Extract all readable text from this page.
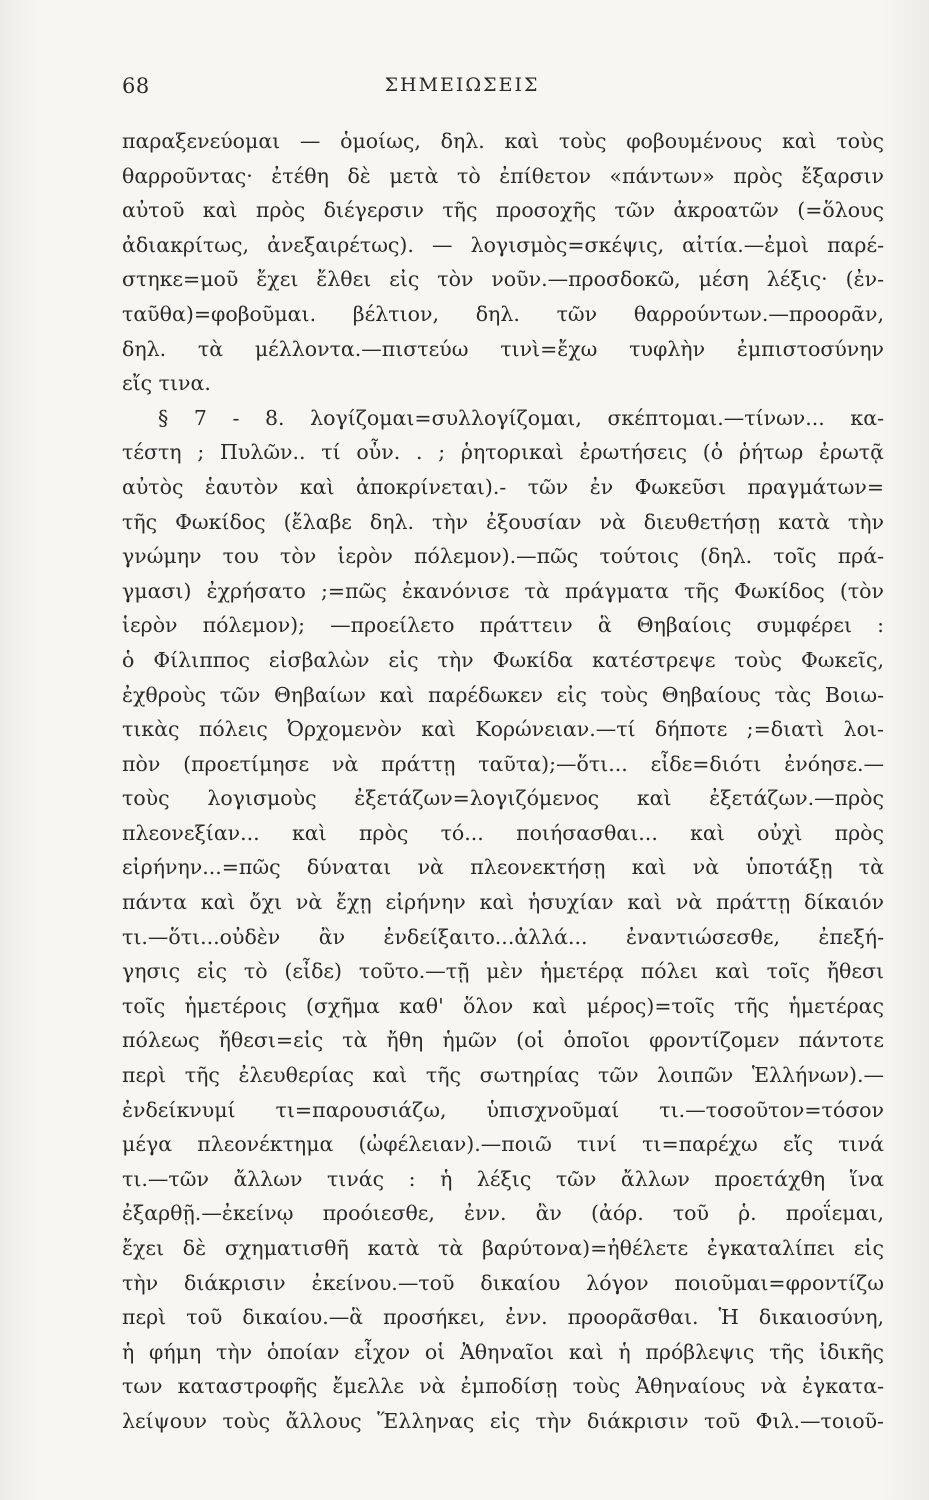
68	ΣΗΜΕΙΩΣΕΙΣ
παραξενεύομαι — ὁμοίως, δηλ. καὶ τοὺς φοβουμένους καὶ τοὺς
θαρροῦντας· ἐτέθη δὲ μετὰ τὸ ἐπίθετον «πάντων» πρὸς ἔξαρσιν
αὐτοῦ καὶ πρὸς διέγερσιν τῆς προσοχῆς τῶν ἀκροατῶν (=ὅλους
ἀδιακρίτως, ἀνεξαιρέτως). — λογισμὸς=σκέψις, αἰτία.—ἐμοὶ παρέ-
στηκε=μοῦ ἔχει ἔλθει εἰς τὸν νοῦν.—προσδοκῶ, μέση λέξις· (ἐν-
ταῦθα)=φοβοῦμαι. βέλτιον, δηλ. τῶν θαρρούντων.—προορᾶν,
δηλ. τὰ μέλλοντα.—πιστεύω τινὶ=ἔχω τυφλὴν ἐμπιστοσύνην
εἴς τινα.
§ 7 - 8. λογίζομαι=συλλογίζομαι, σκέπτομαι.—τίνων... κα-
τέστη ; Πυλῶν.. τί οὖν. . ; ῥητορικαὶ ἐρωτήσεις (ὁ ῥήτωρ ἐρωτᾷ
αὐτὸς ἑαυτὸν καὶ ἀποκρίνεται).- τῶν ἐν Φωκεῦσι πραγμάτων=
τῆς Φωκίδος (ἔλαβε δηλ. τὴν ἐξουσίαν νὰ διευθετήσῃ κατὰ τὴν
γνώμην του τὸν ἱερὸν πόλεμον).—πῶς τούτοις (δηλ. τοῖς πρά-
γμασι) ἐχρήσατο ;=πῶς ἐκανόνισε τὰ πράγματα τῆς Φωκίδος (τὸν
ἱερὸν πόλεμον); —προείλετο πράττειν ἃ Θηβαίοις συμφέρει :
ὁ Φίλιππος εἰσβαλὼν εἰς τὴν Φωκίδα κατέστρεψε τοὺς Φωκεῖς,
ἐχθροὺς τῶν Θηβαίων καὶ παρέδωκεν εἰς τοὺς Θηβαίους τὰς Βοιω-
τικὰς πόλεις Ὀρχομενὸν καὶ Κορώνειαν.—τί δήποτε ;=διατὶ λοι-
πὸν (προετίμησε νὰ πράττῃ ταῦτα);—ὅτι... εἶδε=διότι ἐνόησε.—
τοὺς λογισμοὺς ἐξετάζων=λογιζόμενος καὶ ἐξετάζων.—πρὸς
πλεονεξίαν... καὶ πρὸς τό... ποιήσασθαι... καὶ οὐχὶ πρὸς
εἰρήνην...=πῶς δύναται νὰ πλεονεκτήσῃ καὶ νὰ ὑποτάξῃ τὰ
πάντα καὶ ὄχι νὰ ἔχῃ εἰρήνην καὶ ἡσυχίαν καὶ νὰ πράττῃ δίκαιόν
τι.—ὅτι...οὐδὲν ἂν ἐνδείξαιτο...ἀλλά... ἐναντιώσεσθε, ἐπεξή-
γησις εἰς τὸ (εἶδε) τοῦτο.—τῇ μὲν ἡμετέρᾳ πόλει καὶ τοῖς ἤθεσι
τοῖς ἡμετέροις (σχῆμα καθ' ὅλον καὶ μέρος)=τοῖς τῆς ἡμετέρας
πόλεως ἤθεσι=εἰς τὰ ἤθη ἡμῶν (οἱ ὁποῖοι φροντίζομεν πάντοτε
περὶ τῆς ἐλευθερίας καὶ τῆς σωτηρίας τῶν λοιπῶν Ἑλλήνων).—
ἐνδείκνυμί τι=παρουσιάζω, ὑπισχνοῦμαί τι.—τοσοῦτον=τόσον
μέγα πλεονέκτημα (ὠφέλειαν).—ποιῶ τινί τι=παρέχω εἴς τινά
τι.—τῶν ἄλλων τινάς : ἡ λέξις τῶν ἄλλων προετάχθη ἵνα
ἐξαρθῇ.—ἐκείνῳ προόιεσθε, ἐνν. ἂν (ἀόρ. τοῦ ῥ. προΐεμαι,
ἔχει δὲ σχηματισθῆ κατὰ τὰ βαρύτονα)=ἠθέλετε ἐγκαταλίπει εἰς
τὴν διάκρισιν ἐκείνου.—τοῦ δικαίου λόγον ποιοῦμαι=φροντίζω
περὶ τοῦ δικαίου.—ἃ προσήκει, ἐνν. προορᾶσθαι. Ἡ δικαιοσύνη,
ἡ φήμη τὴν ὁποίαν εἶχον οἱ Ἀθηναῖοι καὶ ἡ πρόβλεψις τῆς ἰδικῆς
των καταστροφῆς ἔμελλε νὰ ἐμποδίσῃ τοὺς Ἀθηναίους νὰ ἐγκατα-
λείψουν τοὺς ἄλλους Ἕλληνας εἰς τὴν διάκρισιν τοῦ Φιλ.—τοιοῦ-
